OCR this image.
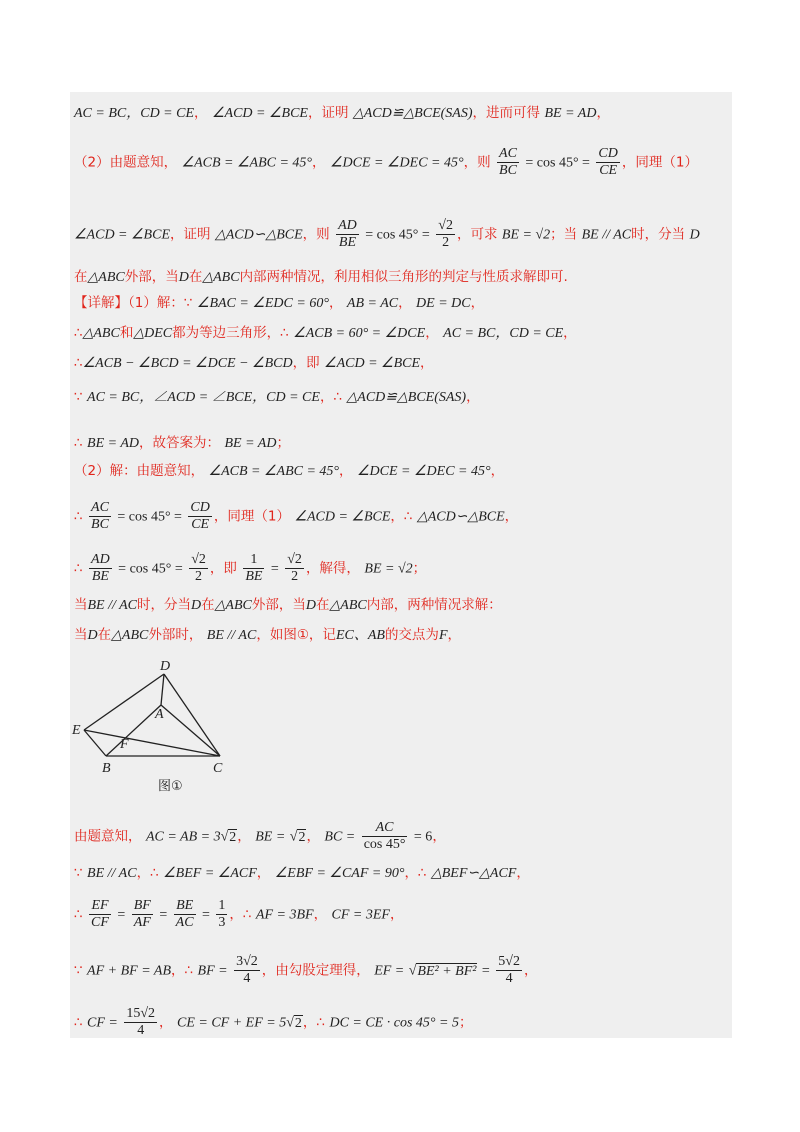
AC = BC，CD = CE， ∠ACD = ∠BCE，证明 △ACD≌△BCE(SAS)，进而可得 BE = AD，
（2）由题意知， ∠ACB = ∠ABC = 45°， ∠DCE = ∠DEC = 45°，则 $\frac{AC}{BC} = \cos 45^\circ = \frac{CD}{CE}$ ，同理（1）
∠ACD = ∠BCE，证明 △ACD∽△BCE，则 $\frac{AD}{BE} = \cos 45^\circ = \frac{√2}{2}$ ，可求 BE = √2；当 BE // AC时，分当 D
在△ABC外部，当D在△ABC内部两种情况，利用相似三角形的判定与性质求解即可.
【详解】（1）解：∵ ∠BAC = ∠EDC = 60°， AB = AC， DE = DC，
∴△ABC和△DEC都为等边三角形，∴ ∠ACB = 60° = ∠DCE， AC = BC，CD = CE，
∴∠ACB − ∠BCD = ∠DCE − ∠BCD，即 ∠ACD = ∠BCE，
∵ AC = BC，∠ACD = ∠BCE，CD = CE，∴ △ACD≌△BCE(SAS)，
∴ BE = AD，故答案为： BE = AD；
（2）解：由题意知， ∠ACB = ∠ABC = 45°， ∠DCE = ∠DEC = 45°，
∴ $\frac{AC}{BC} = \cos 45^\circ = \frac{CD}{CE}$ ，同理（1） ∠ACD = ∠BCE，∴ △ACD∽△BCE，
∴ $\frac{AD}{BE} = \cos 45^\circ = \frac{√2}{2}$ ，即 $\frac{1}{BE} = \frac{√2}{2}$ ，解得， BE = √2；
当BE // AC时，分当D在△ABC外部，当D在△ABC内部，两种情况求解：
当D在△ABC外部时， BE // AC，如图①，记EC、AB的交点为F，
D
A
E
F
B	C
图①
由题意知， AC = AB = 3√2， BE = √2， BC = $\frac{AC}{\cos 45^\circ} = 6$，
∵ BE // AC，∴ ∠BEF = ∠ACF， ∠EBF = ∠CAF = 90°，∴ △BEF∽△ACF，
∴ $\frac{EF}{CF} = \frac{BF}{AF} = \frac{BE}{AC} = \frac{1}{3}$ ，∴ AF = 3BF， CF = 3EF，
∵ AF + BF = AB，∴ BF = $\frac{3√2}{4}$ ，由勾股定理得， EF = $√BE^2 + BF^2 = \frac{5√2}{4}$ ，
∴ CF = $\frac{15√2}{4}$ ， CE = CF + EF = 5√2，∴ DC = CE · cos 45° = 5；
